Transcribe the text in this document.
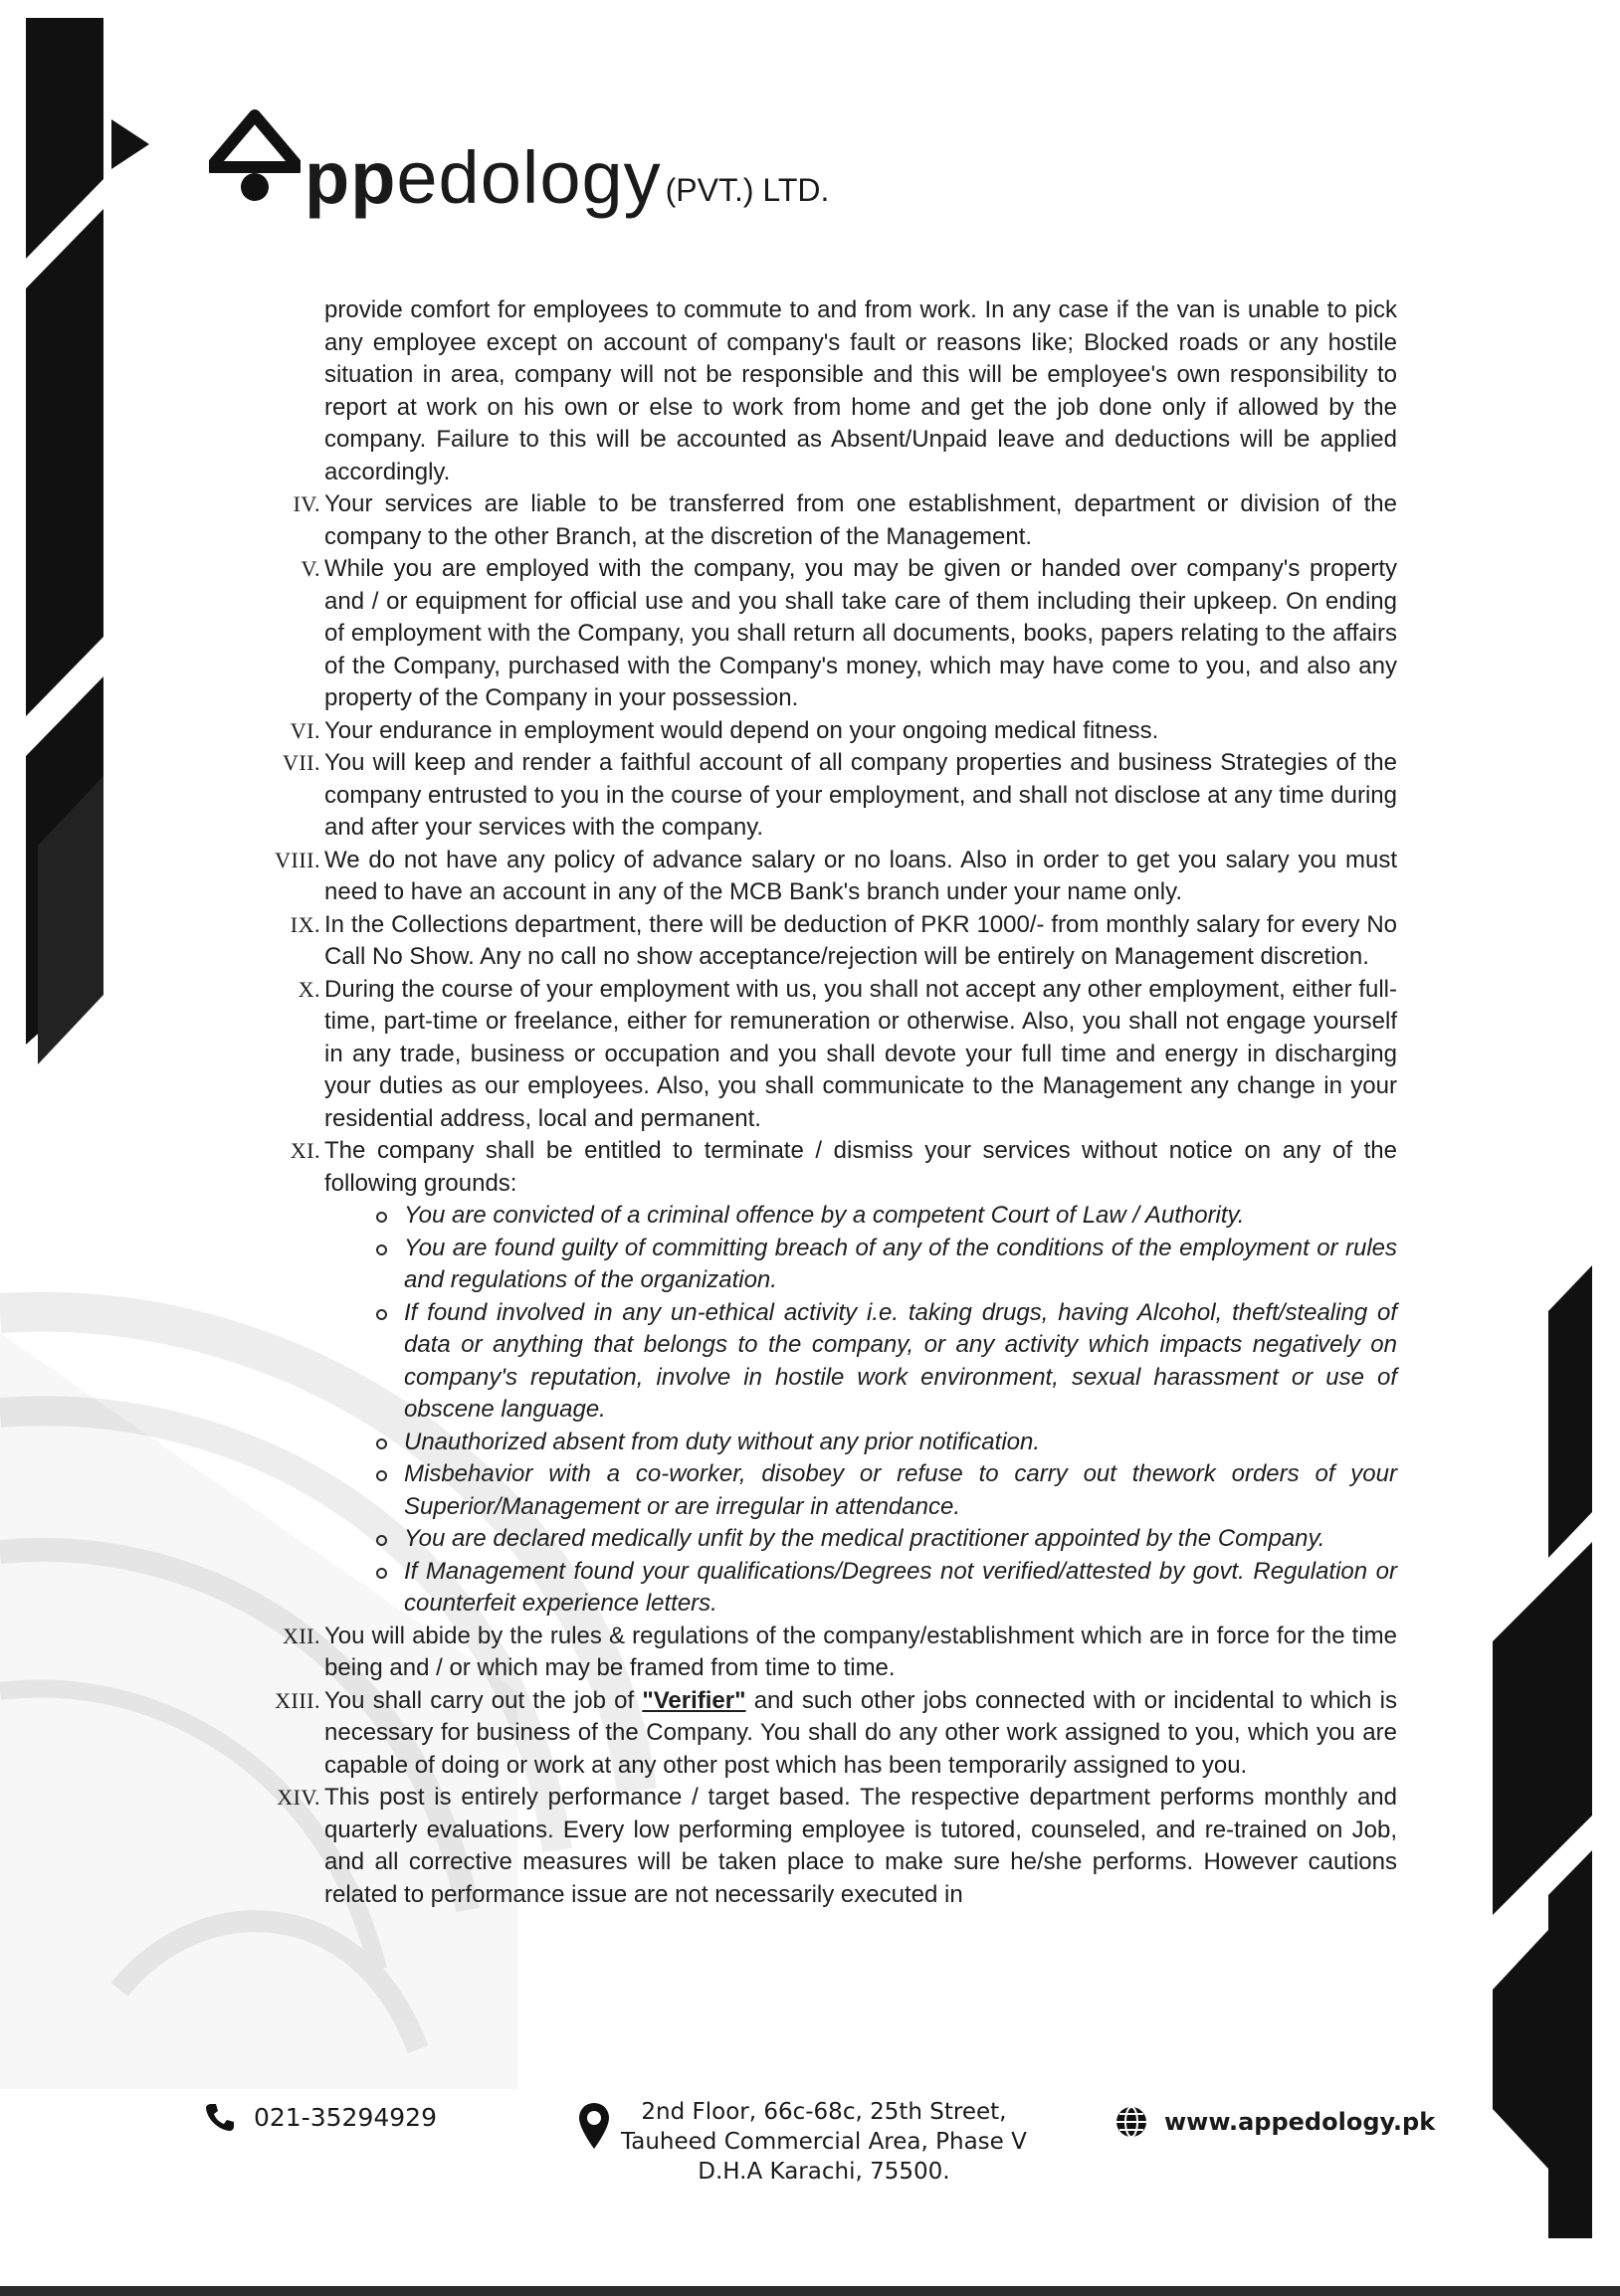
ppedology (PVT.) LTD.

provide comfort for employees to commute to and from work. In any case if the van is unable to pick any employee except on account of company's fault or reasons like; Blocked roads or any hostile situation in area, company will not be responsible and this will be employee's own responsibility to report at work on his own or else to work from home and get the job done only if allowed by the company. Failure to this will be accounted as Absent/Unpaid leave and deductions will be applied accordingly.

IV. Your services are liable to be transferred from one establishment, department or division of the company to the other Branch, at the discretion of the Management.
V. While you are employed with the company, you may be given or handed over company's property and / or equipment for official use and you shall take care of them including their upkeep. On ending of employment with the Company, you shall return all documents, books, papers relating to the affairs of the Company, purchased with the Company's money, which may have come to you, and also any property of the Company in your possession.
VI. Your endurance in employment would depend on your ongoing medical fitness.
VII. You will keep and render a faithful account of all company properties and business Strategies of the company entrusted to you in the course of your employment, and shall not disclose at any time during and after your services with the company.
VIII. We do not have any policy of advance salary or no loans. Also in order to get you salary you must need to have an account in any of the MCB Bank's branch under your name only.
IX. In the Collections department, there will be deduction of PKR 1000/- from monthly salary for every No Call No Show. Any no call no show acceptance/rejection will be entirely on Management discretion.
X. During the course of your employment with us, you shall not accept any other employment, either full-time, part-time or freelance, either for remuneration or otherwise. Also, you shall not engage yourself in any trade, business or occupation and you shall devote your full time and energy in discharging your duties as our employees. Also, you shall communicate to the Management any change in your residential address, local and permanent.
XI. The company shall be entitled to terminate / dismiss your services without notice on any of the following grounds:
You are convicted of a criminal offence by a competent Court of Law / Authority.
You are found guilty of committing breach of any of the conditions of the employment or rules and regulations of the organization.
If found involved in any un-ethical activity i.e. taking drugs, having Alcohol, theft/stealing of data or anything that belongs to the company, or any activity which impacts negatively on company's reputation, involve in hostile work environment, sexual harassment or use of obscene language.
Unauthorized absent from duty without any prior notification.
Misbehavior with a co-worker, disobey or refuse to carry out thework orders of your Superior/Management or are irregular in attendance.
You are declared medically unfit by the medical practitioner appointed by the Company.
If Management found your qualifications/Degrees not verified/attested by govt. Regulation or counterfeit experience letters.
XII. You will abide by the rules & regulations of the company/establishment which are in force for the time being and / or which may be framed from time to time.
XIII. You shall carry out the job of "Verifier" and such other jobs connected with or incidental to which is necessary for business of the Company. You shall do any other work assigned to you, which you are capable of doing or work at any other post which has been temporarily assigned to you.
XIV. This post is entirely performance / target based. The respective department performs monthly and quarterly evaluations. Every low performing employee is tutored, counseled, and re-trained on Job, and all corrective measures will be taken place to make sure he/she performs. However cautions related to performance issue are not necessarily executed in
021-35294929	2nd Floor, 66c-68c, 25th Street,
Tauheed Commercial Area, Phase V
D.H.A Karachi, 75500.
www.appedology.pk
